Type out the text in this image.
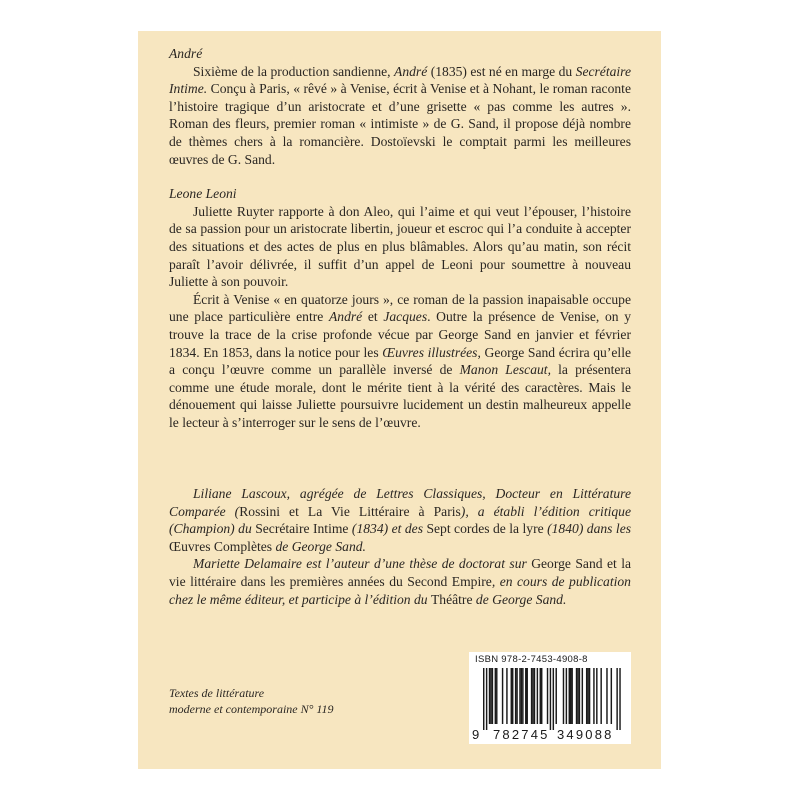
André

Sixième de la production sandienne, André (1835) est né en marge du Secrétaire Intime. Conçu à Paris, « rêvé » à Venise, écrit à Venise et à Nohant, le roman raconte l’histoire tragique d’un aristocrate et d’une grisette « pas comme les autres ». Roman des fleurs, premier roman « intimiste » de G. Sand, il propose déjà nombre de thèmes chers à la romancière. Dostoïevski le comptait parmi les meilleures œuvres de G. Sand.

Leone Leoni

Juliette Ruyter rapporte à don Aleo, qui l’aime et qui veut l’épouser, l’histoire de sa passion pour un aristocrate libertin, joueur et escroc qui l’a conduite à accepter des situations et des actes de plus en plus blâmables. Alors qu’au matin, son récit paraît l’avoir délivrée, il suffit d’un appel de Leoni pour soumettre à nouveau Juliette à son pouvoir.

Écrit à Venise « en quatorze jours », ce roman de la passion inapaisable occupe une place particulière entre André et Jacques. Outre la présence de Venise, on y trouve la trace de la crise profonde vécue par George Sand en janvier et février 1834. En 1853, dans la notice pour les Œuvres illustrées, George Sand écrira qu’elle a conçu l’œuvre comme un parallèle inversé de Manon Lescaut, la présentera comme une étude morale, dont le mérite tient à la vérité des caractères. Mais le dénouement qui laisse Juliette poursuivre lucidement un destin malheureux appelle le lecteur à s’interroger sur le sens de l’œuvre.

Liliane Lascoux, agrégée de Lettres Classiques, Docteur en Littérature Comparée (Rossini et La Vie Littéraire à Paris), a établi l’édition critique (Champion) du Secrétaire Intime (1834) et des Sept cordes de la lyre (1840) dans les Œuvres Complètes de George Sand.

Mariette Delamaire est l’auteur d’une thèse de doctorat sur George Sand et la vie littéraire dans les premières années du Second Empire, en cours de publication chez le même éditeur, et participe à l’édition du Théâtre de George Sand.

Textes de littérature
moderne et contemporaine N° 119
ISBN 978-2-7453-4908-8
9 782745 349088
